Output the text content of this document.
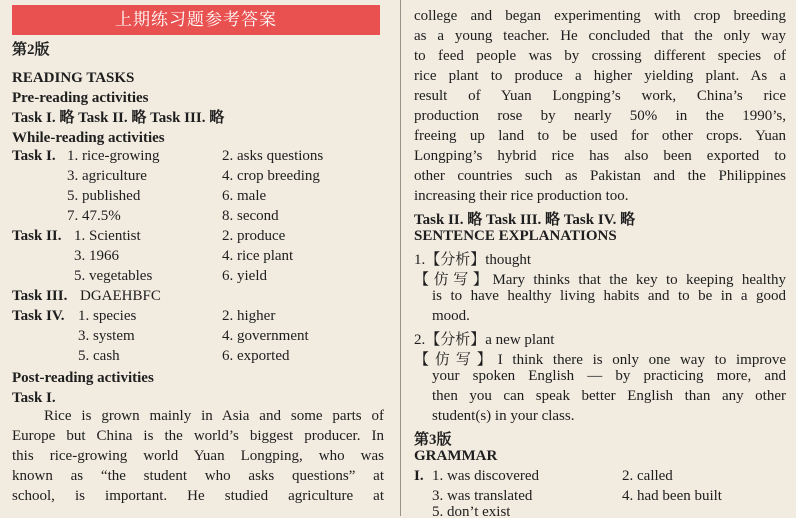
上期练习题参考答案
第2版
READING TASKS
Pre-reading activities
Task I. 略 Task II. 略 Task III. 略
While-reading activities
Task I. 1. rice-growing	2. asks questions
3. agriculture	4. crop breeding
5. published	6. male
7. 47.5%	8. second
Task II. 1. Scientist	2. produce
3. 1966	4. rice plant
5. vegetables	6. yield
Task III. DGAEHBFC
Task IV. 1. species	2. higher
3. system	4. government
5. cash	6. exported
Post-reading activities
Task I.
Rice is grown mainly in Asia and some parts of
Europe but China is the world’s biggest producer. In
this rice-growing world Yuan Longping, who was
known as “the student who asks questions” at
school, is important. He studied agriculture at
college and began experimenting with crop breeding
as a young teacher. He concluded that the only way
to feed people was by crossing different species of
rice plant to produce a higher yielding plant. As a
result of Yuan Longping’s work, China’s rice
production rose by nearly 50% in the 1990’s,
freeing up land to be used for other crops. Yuan
Longping’s hybrid rice has also been exported to
other countries such as Pakistan and the Philippines
increasing their rice production too.
Task II. 略 Task III. 略 Task IV. 略
SENTENCE EXPLANATIONS
1.【分析】thought
【仿写】Mary thinks that the key to keeping healthy
is to have healthy living habits and to be in a good
mood.
2.【分析】a new plant
【仿写】I think there is only one way to improve
your spoken English — by practicing more, and
then you can speak better English than any other
student(s) in your class.
第3版
GRAMMAR
I. 1. was discovered	2. called
3. was translated	4. had been built
5. don’t exist
